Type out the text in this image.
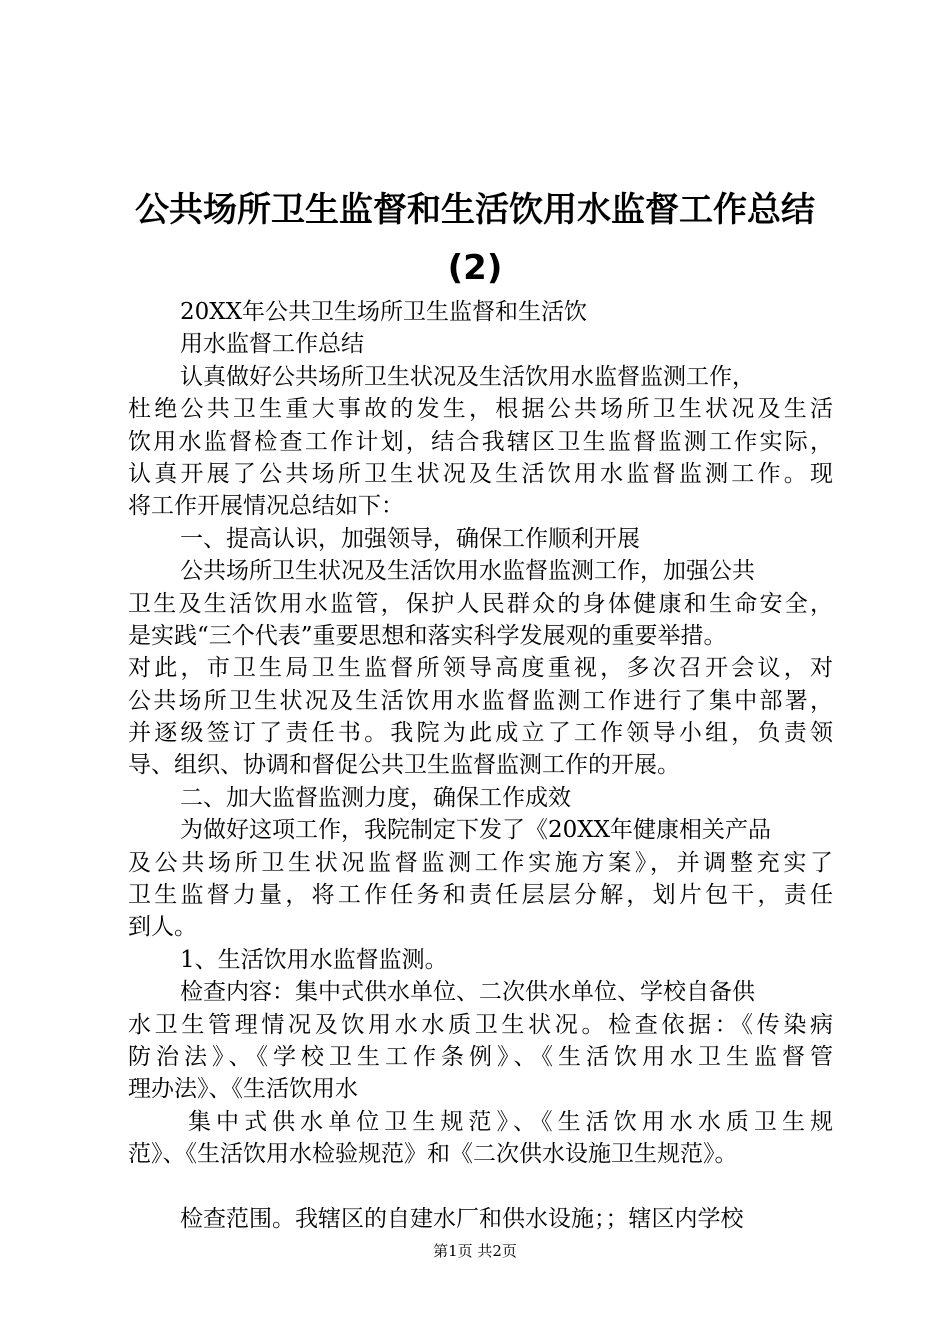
公共场所卫生监督和生活饮用水监督工作总结
(2)
20XX年公共卫生场所卫生监督和生活饮
用水监督工作总结
认真做好公共场所卫生状况及生活饮用水监督监测工作，
杜绝公共卫生重大事故的发生，根据公共场所卫生状况及生活
饮用水监督检查工作计划，结合我辖区卫生监督监测工作实际，
认真开展了公共场所卫生状况及生活饮用水监督监测工作。现
将工作开展情况总结如下：
一、提高认识，加强领导，确保工作顺利开展
公共场所卫生状况及生活饮用水监督监测工作，加强公共
卫生及生活饮用水监管，保护人民群众的身体健康和生命安全，
是实践“三个代表”重要思想和落实科学发展观的重要举措。
对此，市卫生局卫生监督所领导高度重视，多次召开会议，对
公共场所卫生状况及生活饮用水监督监测工作进行了集中部署，
并逐级签订了责任书。我院为此成立了工作领导小组，负责领
导、组织、协调和督促公共卫生监督监测工作的开展。
二、加大监督监测力度，确保工作成效
为做好这项工作，我院制定下发了《20XX年健康相关产品
及公共场所卫生状况监督监测工作实施方案》，并调整充实了
卫生监督力量，将工作任务和责任层层分解，划片包干，责任
到人。
1、生活饮用水监督监测。
检查内容：集中式供水单位、二次供水单位、学校自备供
水卫生管理情况及饮用水水质卫生状况。检查依据：《传染病
防治法》、《学校卫生工作条例》、《生活饮用水卫生监督管
理办法》、《生活饮用水
集中式供水单位卫生规范》、《生活饮用水水质卫生规
范》、《生活饮用水检验规范》和《二次供水设施卫生规范》。
检查范围。我辖区的自建水厂和供水设施；；辖区内学校
第1页 共2页
